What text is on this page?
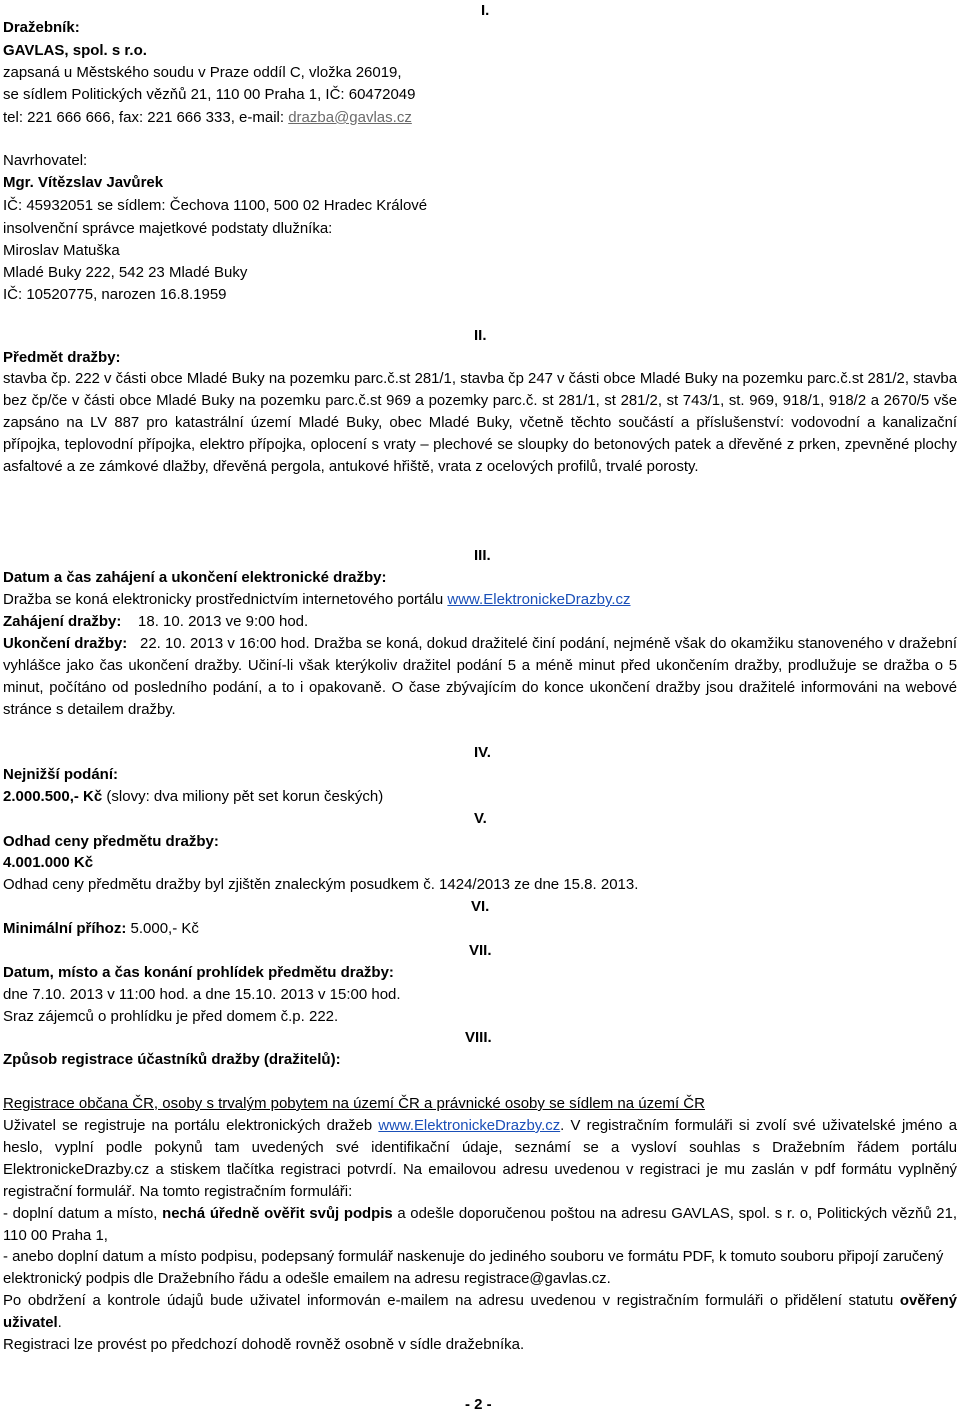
Dražebník:
I.
GAVLAS, spol. s r.o.
zapsaná u Městského soudu v Praze oddíl C, vložka 26019,
se sídlem Politických vězňů 21, 110 00 Praha 1, IČ: 60472049
tel: 221 666 666, fax: 221 666 333, e-mail: drazba@gavlas.cz
Navrhovatel:
Mgr. Vítězslav Javůrek
IČ: 45932051 se sídlem: Čechova 1100, 500 02 Hradec Králové
insolvenční správce majetkové podstaty dlužníka:
Miroslav Matuška
Mladé Buky 222, 542 23 Mladé Buky
IČ: 10520775, narozen 16.8.1959
II.
Předmět dražby:
stavba čp. 222 v části obce Mladé Buky na pozemku parc.č.st 281/1, stavba čp 247 v části obce Mladé Buky na pozemku parc.č.st 281/2, stavba bez čp/če v části obce Mladé Buky na pozemku parc.č.st 969 a pozemky parc.č. st 281/1, st 281/2, st 743/1, st. 969, 918/1, 918/2 a 2670/5 vše zapsáno na LV 887 pro katastrální území Mladé Buky, obec Mladé Buky, včetně těchto součástí a příslušenství: vodovodní a kanalizační přípojka, teplovodní přípojka, elektro přípojka, oplocení s vraty – plechové se sloupky do betonových patek a dřevěné z prken, zpevněné plochy asfaltové a ze zámkové dlažby, dřevěná pergola, antukové hřiště, vrata z ocelových profilů, trvalé porosty.
III.
Datum a čas zahájení a ukončení elektronické dražby:
Dražba se koná elektronicky prostřednictvím internetového portálu www.ElektronickeDrazby.cz
Zahájení dražby: 18. 10. 2013 ve 9:00 hod.
Ukončení dražby: 22. 10. 2013 v 16:00 hod. Dražba se koná, dokud dražitelé činí podání, nejméně však do okamžiku stanoveného v dražební vyhlášce jako čas ukončení dražby. Učiní-li však kterýkoliv dražitel podání 5 a méně minut před ukončením dražby, prodlužuje se dražba o 5 minut, počítáno od posledního podání, a to i opakovaně. O čase zbývajícím do konce ukončení dražby jsou dražitelé informováni na webové stránce s detailem dražby.
IV.
Nejnižší podání:
2.000.500,- Kč (slovy: dva miliony pět set korun českých)
V.
Odhad ceny předmětu dražby:
4.001.000 Kč
Odhad ceny předmětu dražby byl zjištěn znaleckým posudkem č. 1424/2013 ze dne 15.8. 2013.
VI.
Minimální příhoz: 5.000,- Kč
VII.
Datum, místo a čas konání prohlídek předmětu dražby:
dne 7.10. 2013 v 11:00 hod. a dne 15.10. 2013 v 15:00 hod.
Sraz zájemců o prohlídku je před domem č.p. 222.
VIII.
Způsob registrace účastníků dražby (dražitelů):
Registrace občana ČR, osoby s trvalým pobytem na území ČR a právnické osoby se sídlem na území ČR
Uživatel se registruje na portálu elektronických dražeb www.ElektronickeDrazby.cz. V registračním formuláři si zvolí své uživatelské jméno a heslo, vyplní podle pokynů tam uvedených své identifikační údaje, seznámí se a vysloví souhlas s Dražebním řádem portálu ElektronickeDrazby.cz a stiskem tlačítka registraci potvrdí. Na emailovou adresu uvedenou v registraci je mu zaslán v pdf formátu vyplněný registrační formulář. Na tomto registračním formuláři:
- doplní datum a místo, nechá úředně ověřit svůj podpis a odešle doporučenou poštou na adresu GAVLAS, spol. s r. o, Politických vězňů 21, 110 00 Praha 1,
- anebo doplní datum a místo podpisu, podepsaný formulář naskenuje do jediného souboru ve formátu PDF, k tomuto souboru připojí zaručený elektronický podpis dle Dražebního řádu a odešle emailem na adresu registrace@gavlas.cz.
Po obdržení a kontrole údajů bude uživatel informován e-mailem na adresu uvedenou v registračním formuláři o přidělení statutu ověřený uživatel.
Registraci lze provést po předchozí dohodě rovněž osobně v sídle dražebníka.
- 2 -
